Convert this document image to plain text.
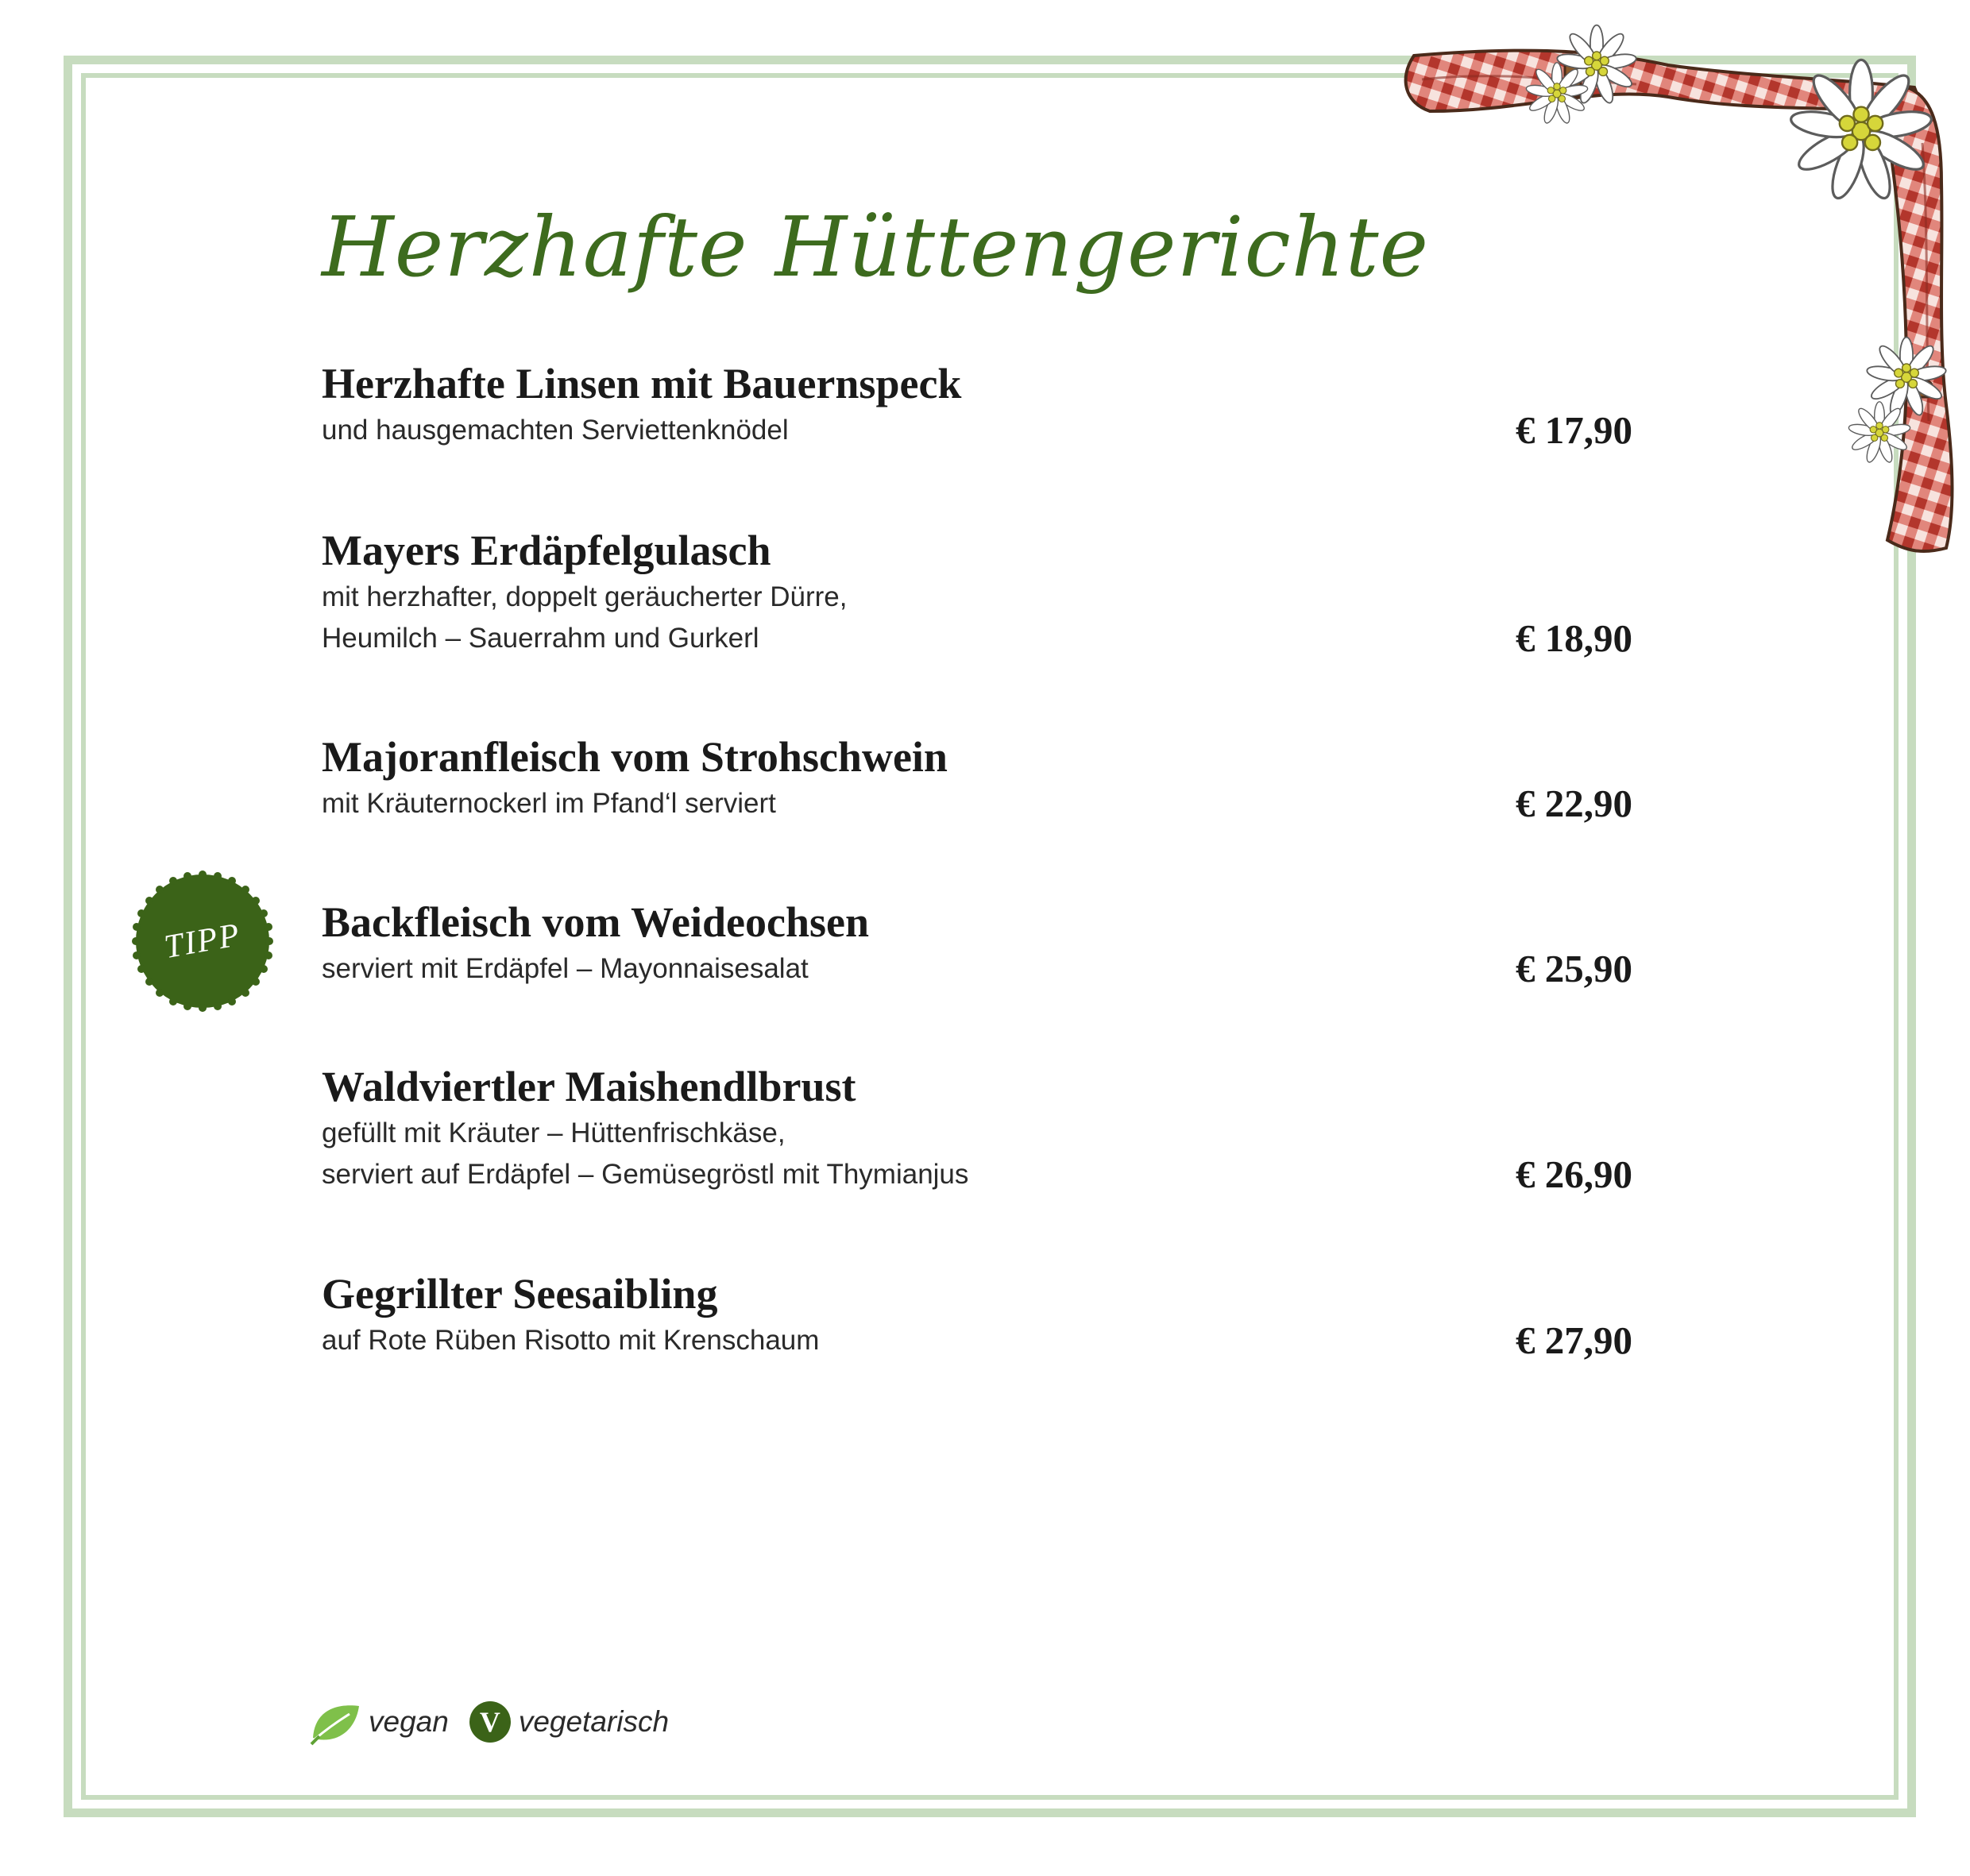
Herzhafte Hüttengerichte
Herzhafte Linsen mit Bauernspeck
und hausgemachten Serviettenknödel	€ 17,90
Mayers Erdäpfelgulasch
mit herzhafter, doppelt geräucherter Dürre,
Heumilch – Sauerrahm und Gurkerl	€ 18,90
Majoranfleisch vom Strohschwein
mit Kräuternockerl im Pfand‘l serviert	€ 22,90
Backfleisch vom Weideochsen
serviert mit Erdäpfel – Mayonnaisesalat	€ 25,90
Waldviertler Maishendlbrust
gefüllt mit Kräuter – Hüttenfrischkäse,
serviert auf Erdäpfel – Gemüsegröstl mit Thymianjus	€ 26,90
Gegrillter Seesaibling
auf Rote Rüben Risotto mit Krenschaum	€ 27,90
TIPP
vegan	V vegetarisch
